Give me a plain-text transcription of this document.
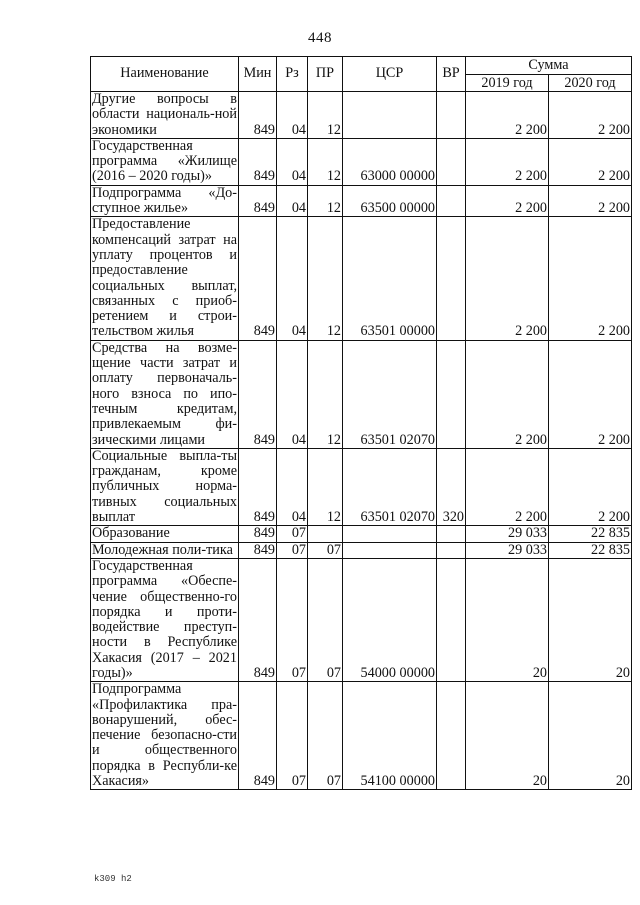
448
Наименование	Мин	Рз	ПР	ЦСР	ВР	Сумма	
						2019 год	2020 год
Другие вопросы в области националь-ной экономики	849	04	12			2 200	2 200
Государственная программа «Жилище (2016 – 2020 годы)»	849	04	12	63000 00000		2 200	2 200
Подпрограмма «До-ступное жилье»	849	04	12	63500 00000		2 200	2 200
Предоставление компенсаций затрат на уплату процентов и предоставление социальных выплат, связанных с приоб-ретением и строи-тельством жилья	849	04	12	63501 00000		2 200	2 200
Средства на возме-щение части затрат и оплату первоначаль-ного взноса по ипо-течным кредитам, привлекаемым фи-зическими лицами	849	04	12	63501 02070		2 200	2 200
Социальные выпла-ты гражданам, кроме публичных норма-тивных социальных выплат	849	04	12	63501 02070	320	2 200	2 200
Образование	849	07				29 033	22 835
Молодежная поли-тика	849	07	07			29 033	22 835
Государственная программа «Обеспе-чение общественно-го порядка и проти-водействие преступ-ности в Республике Хакасия (2017 – 2021 годы)»	849	07	07	54000 00000		20	20
Подпрограмма «Профилактика пра-вонарушений, обес-печение безопасно-сти и общественного порядка в Республи-ке Хакасия»	849	07	07	54100 00000		20	20
k309 h2
